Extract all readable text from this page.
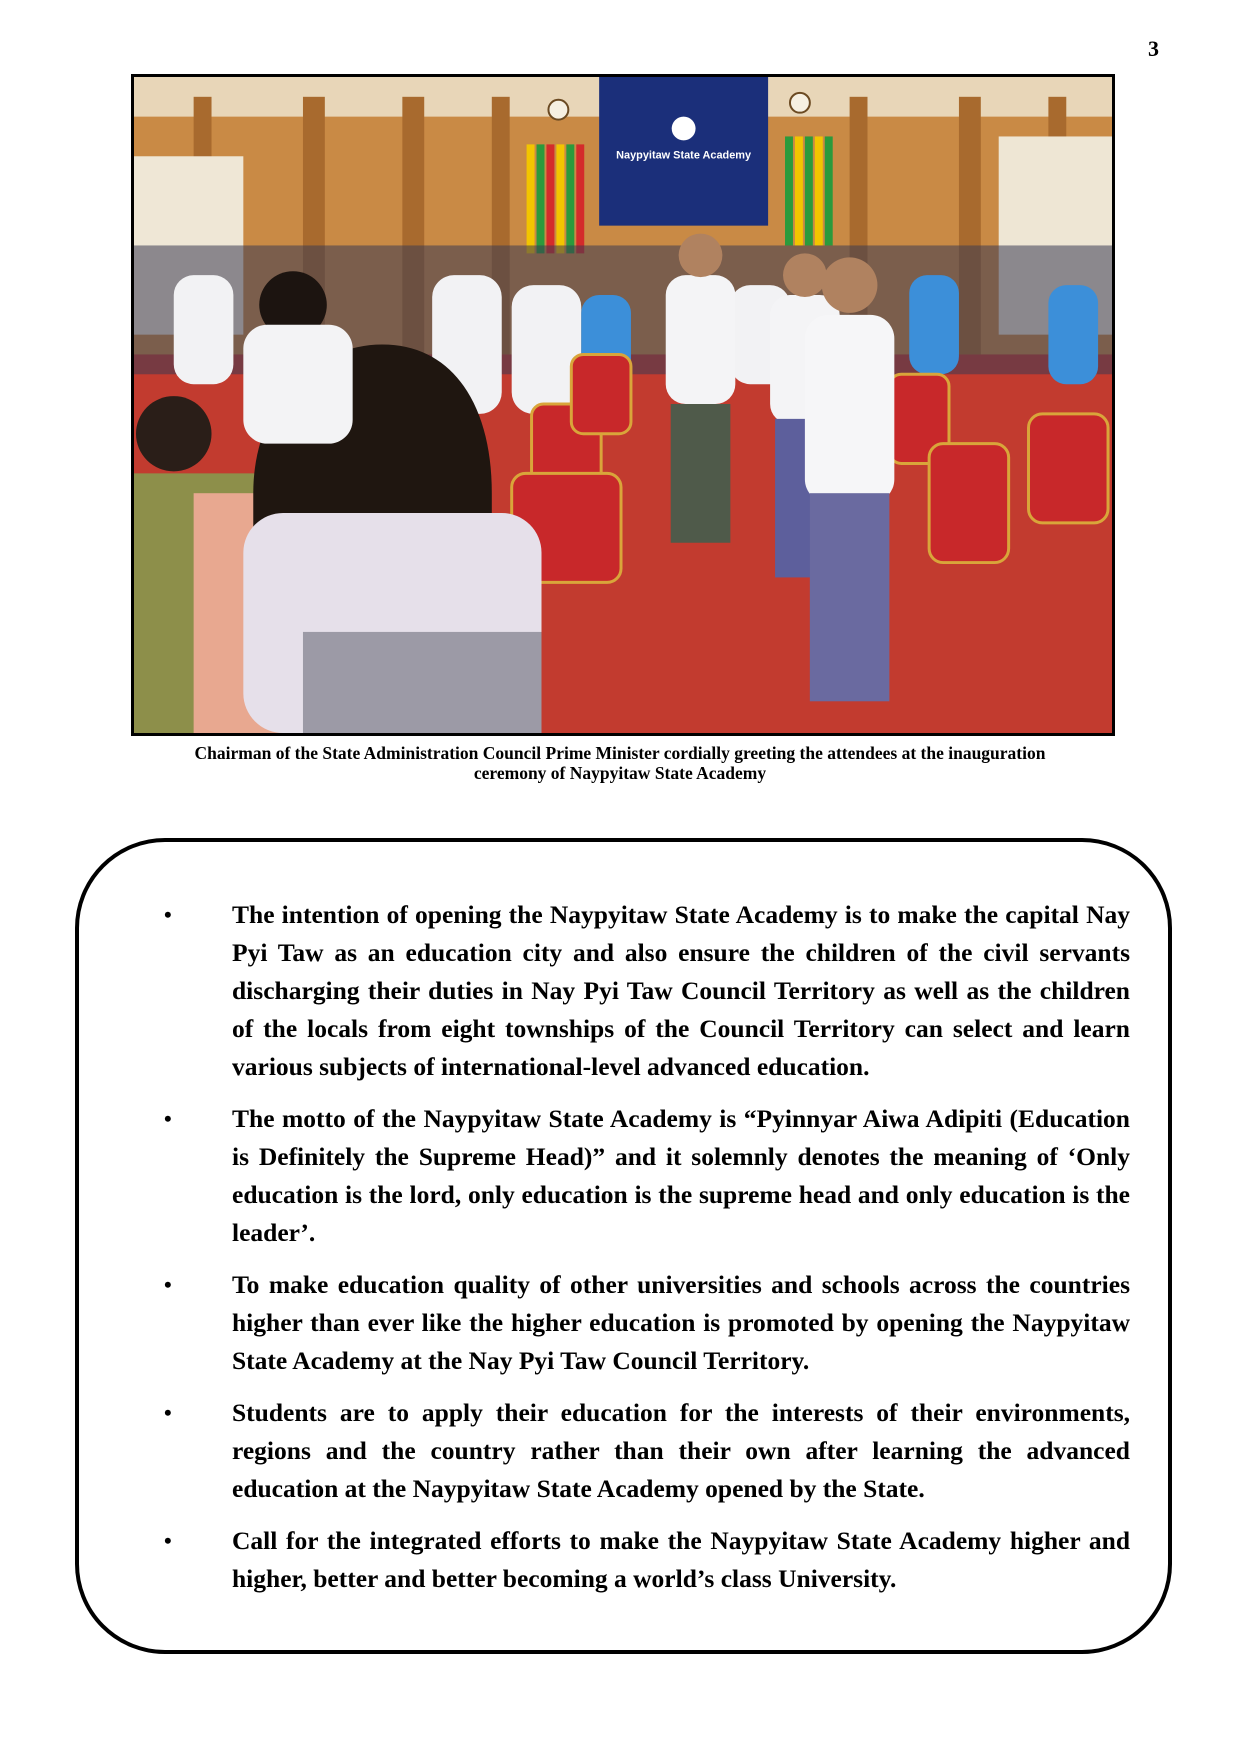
3
Naypyitaw State Academy
Chairman of the State Administration Council Prime Minister cordially greeting the attendees at the inauguration
ceremony of Naypyitaw State Academy
• The intention of opening the Naypyitaw State Academy is to make the capital Nay Pyi Taw as an education city and also ensure the children of the civil servants discharging their duties in Nay Pyi Taw Council Territory as well as the children of the locals from eight townships of the Council Territory can select and learn various subjects of international-level advanced education.
• The motto of the Naypyitaw State Academy is “Pyinnyar Aiwa Adipiti (Education is Definitely the Supreme Head)” and it solemnly denotes the meaning of ‘Only education is the lord, only education is the supreme head and only education is the leader’.
• To make education quality of other universities and schools across the countries higher than ever like the higher education is promoted by opening the Naypyitaw State Academy at the Nay Pyi Taw Council Territory.
• Students are to apply their education for the interests of their environments, regions and the country rather than their own after learning the advanced education at the Naypyitaw State Academy opened by the State.
• Call for the integrated efforts to make the Naypyitaw State Academy higher and higher, better and better becoming a world’s class University.
